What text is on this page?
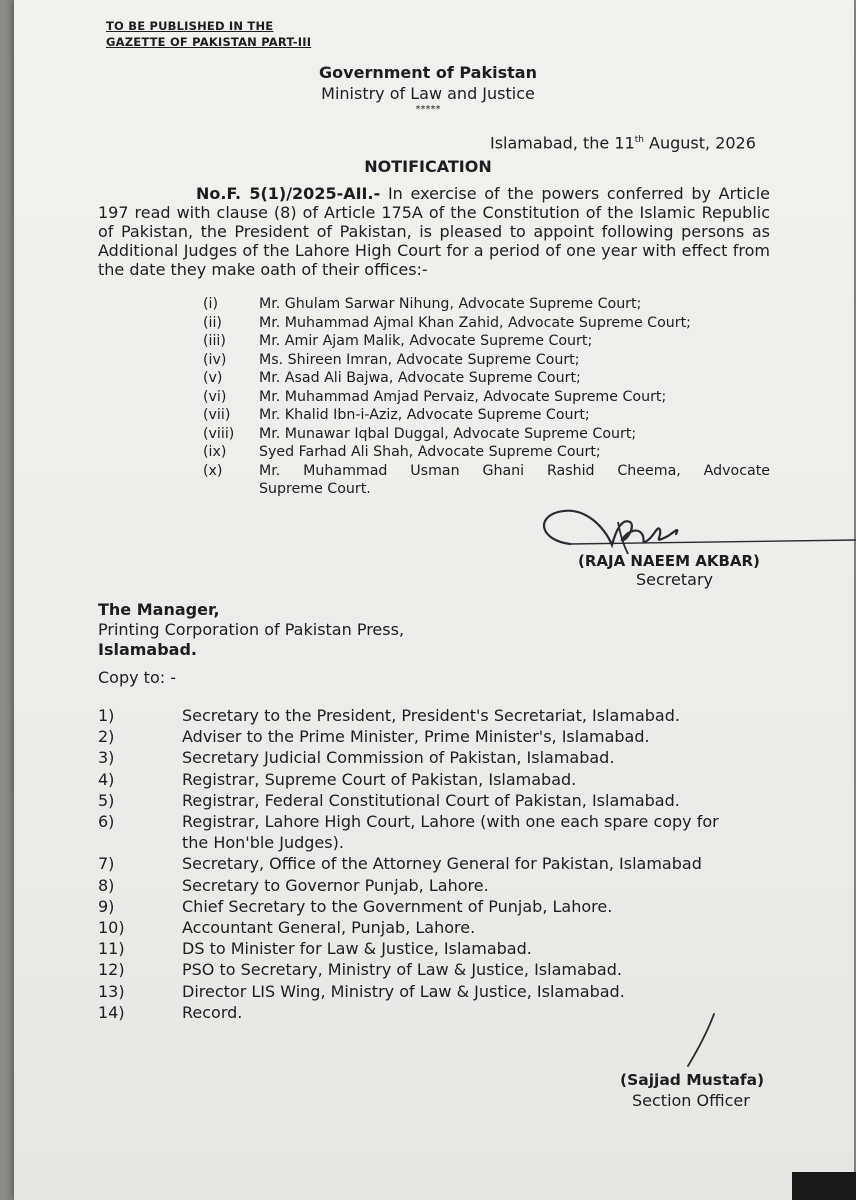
TO BE PUBLISHED IN THE
GAZETTE OF PAKISTAN PART-III
Government of Pakistan
Ministry of Law and Justice
*****
Islamabad, the 11th August, 2026
NOTIFICATION

No.F. 5(1)/2025-AII.- In exercise of the powers conferred by Article 197 read with clause (8) of Article 175A of the Constitution of the Islamic Republic of Pakistan, the President of Pakistan, is pleased to appoint following persons as Additional Judges of the Lahore High Court for a period of one year with effect from the date they make oath of their offices:-

(i)	Mr. Ghulam Sarwar Nihung, Advocate Supreme Court;
(ii)	Mr. Muhammad Ajmal Khan Zahid, Advocate Supreme Court;
(iii) Mr. Amir Ajam Malik, Advocate Supreme Court;
(iv) Ms. Shireen Imran, Advocate Supreme Court;
(v)	Mr. Asad Ali Bajwa, Advocate Supreme Court;
(vi) Mr. Muhammad Amjad Pervaiz, Advocate Supreme Court;
(vii) Mr. Khalid Ibn-i-Aziz, Advocate Supreme Court;
(viii) Mr. Munawar Iqbal Duggal, Advocate Supreme Court;
(ix) Syed Farhad Ali Shah, Advocate Supreme Court;
(x)	Mr. Muhammad Usman Ghani Rashid Cheema, Advocate
Supreme Court.
(RAJA NAEEM AKBAR)
Secretary
The Manager,
Printing Corporation of Pakistan Press,
Islamabad.
Copy to: -
1)	Secretary to the President, President's Secretariat, Islamabad.
2)	Adviser to the Prime Minister, Prime Minister's, Islamabad.
3)	Secretary Judicial Commission of Pakistan, Islamabad.
4)	Registrar, Supreme Court of Pakistan, Islamabad.
5)	Registrar, Federal Constitutional Court of Pakistan, Islamabad.
6)	Registrar, Lahore High Court, Lahore (with one each spare copy for
the Hon'ble Judges).
7)	Secretary, Office of the Attorney General for Pakistan, Islamabad
8)	Secretary to Governor Punjab, Lahore.
9)	Chief Secretary to the Government of Punjab, Lahore.
10)	Accountant General, Punjab, Lahore.
11)	DS to Minister for Law & Justice, Islamabad.
12)	PSO to Secretary, Ministry of Law & Justice, Islamabad.
13)	Director LIS Wing, Ministry of Law & Justice, Islamabad.
14)	Record.
(Sajjad Mustafa)
Section Officer
